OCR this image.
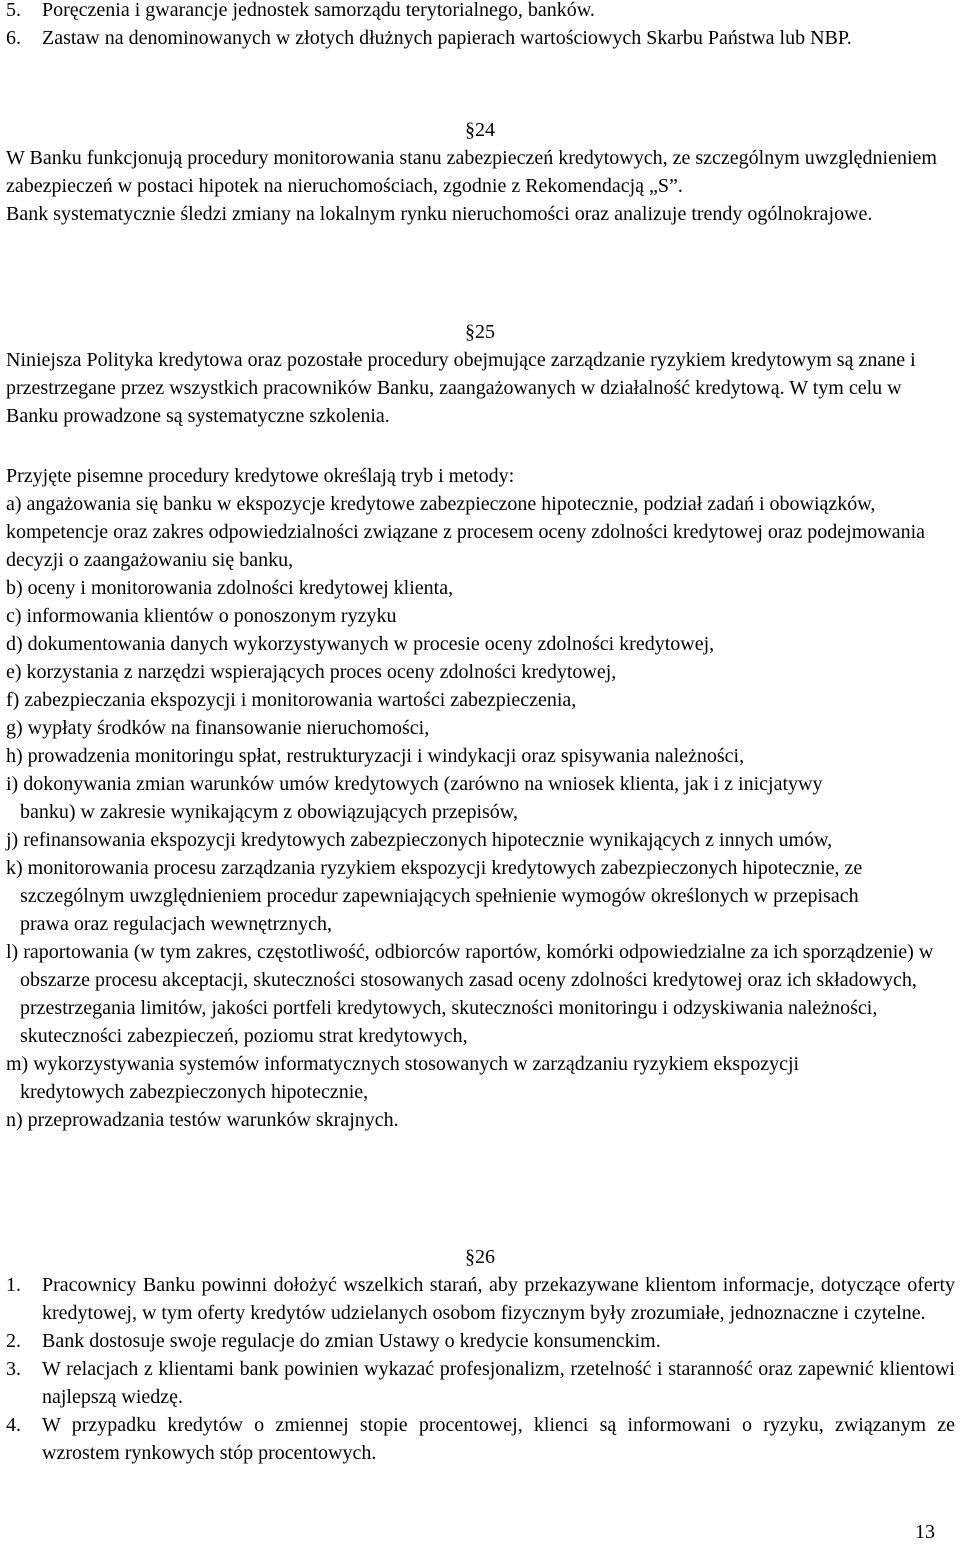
5. Poręczenia i gwarancje jednostek samorządu terytorialnego, banków.
6. Zastaw na denominowanych w złotych dłużnych papierach wartościowych Skarbu Państwa lub NBP.
§24
W Banku funkcjonują procedury monitorowania stanu zabezpieczeń kredytowych, ze szczególnym uwzględnieniem zabezpieczeń w postaci hipotek na nieruchomościach, zgodnie z Rekomendacją „S”.
Bank systematycznie śledzi zmiany na lokalnym rynku nieruchomości oraz analizuje trendy ogólnokrajowe.
§25
Niniejsza Polityka kredytowa oraz pozostałe procedury obejmujące zarządzanie ryzykiem kredytowym są znane i przestrzegane przez wszystkich pracowników Banku, zaangażowanych w działalność kredytową. W tym celu w Banku prowadzone są systematyczne szkolenia.
Przyjęte pisemne procedury kredytowe określają tryb i metody:
a) angażowania się banku w ekspozycje kredytowe zabezpieczone hipotecznie, podział zadań i obowiązków, kompetencje oraz zakres odpowiedzialności związane z procesem oceny zdolności kredytowej oraz podejmowania decyzji o zaangażowaniu się banku,
b) oceny i monitorowania zdolności kredytowej klienta,
c) informowania klientów o ponoszonym ryzyku
d) dokumentowania danych wykorzystywanych w procesie oceny zdolności kredytowej,
e) korzystania z narzędzi wspierających proces oceny zdolności kredytowej,
f) zabezpieczania ekspozycji i monitorowania wartości zabezpieczenia,
g) wypłaty środków na finansowanie nieruchomości,
h) prowadzenia monitoringu spłat, restrukturyzacji i windykacji oraz spisywania należności,
i) dokonywania zmian warunków umów kredytowych (zarówno na wniosek klienta, jak i z inicjatywy banku) w zakresie wynikającym z obowiązujących przepisów,
j) refinansowania ekspozycji kredytowych zabezpieczonych hipotecznie wynikających z innych umów,
k) monitorowania procesu zarządzania ryzykiem ekspozycji kredytowych zabezpieczonych hipotecznie, ze szczególnym uwzględnieniem procedur zapewniających spełnienie wymogów określonych w przepisach prawa oraz regulacjach wewnętrznych,
l) raportowania (w tym zakres, częstotliwość, odbiorców raportów, komórki odpowiedzialne za ich sporządzenie) w obszarze procesu akceptacji, skuteczności stosowanych zasad oceny zdolności kredytowej oraz ich składowych, przestrzegania limitów, jakości portfeli kredytowych, skuteczności monitoringu i odzyskiwania należności, skuteczności zabezpieczeń, poziomu strat kredytowych,
m) wykorzystywania systemów informatycznych stosowanych w zarządzaniu ryzykiem ekspozycji kredytowych zabezpieczonych hipotecznie,
n) przeprowadzania testów warunków skrajnych.
§26
1. Pracownicy Banku powinni dołożyć wszelkich starań, aby przekazywane klientom informacje, dotyczące oferty kredytowej, w tym oferty kredytów udzielanych osobom fizycznym były zrozumiałe, jednoznaczne i czytelne.
2. Bank dostosuje swoje regulacje do zmian Ustawy o kredycie konsumenckim.
3. W relacjach z klientami bank powinien wykazać profesjonalizm, rzetelność i staranność oraz zapewnić klientowi najlepszą wiedzę.
4. W przypadku kredytów o zmiennej stopie procentowej, klienci są informowani o ryzyku, związanym ze wzrostem rynkowych stóp procentowych.
13
